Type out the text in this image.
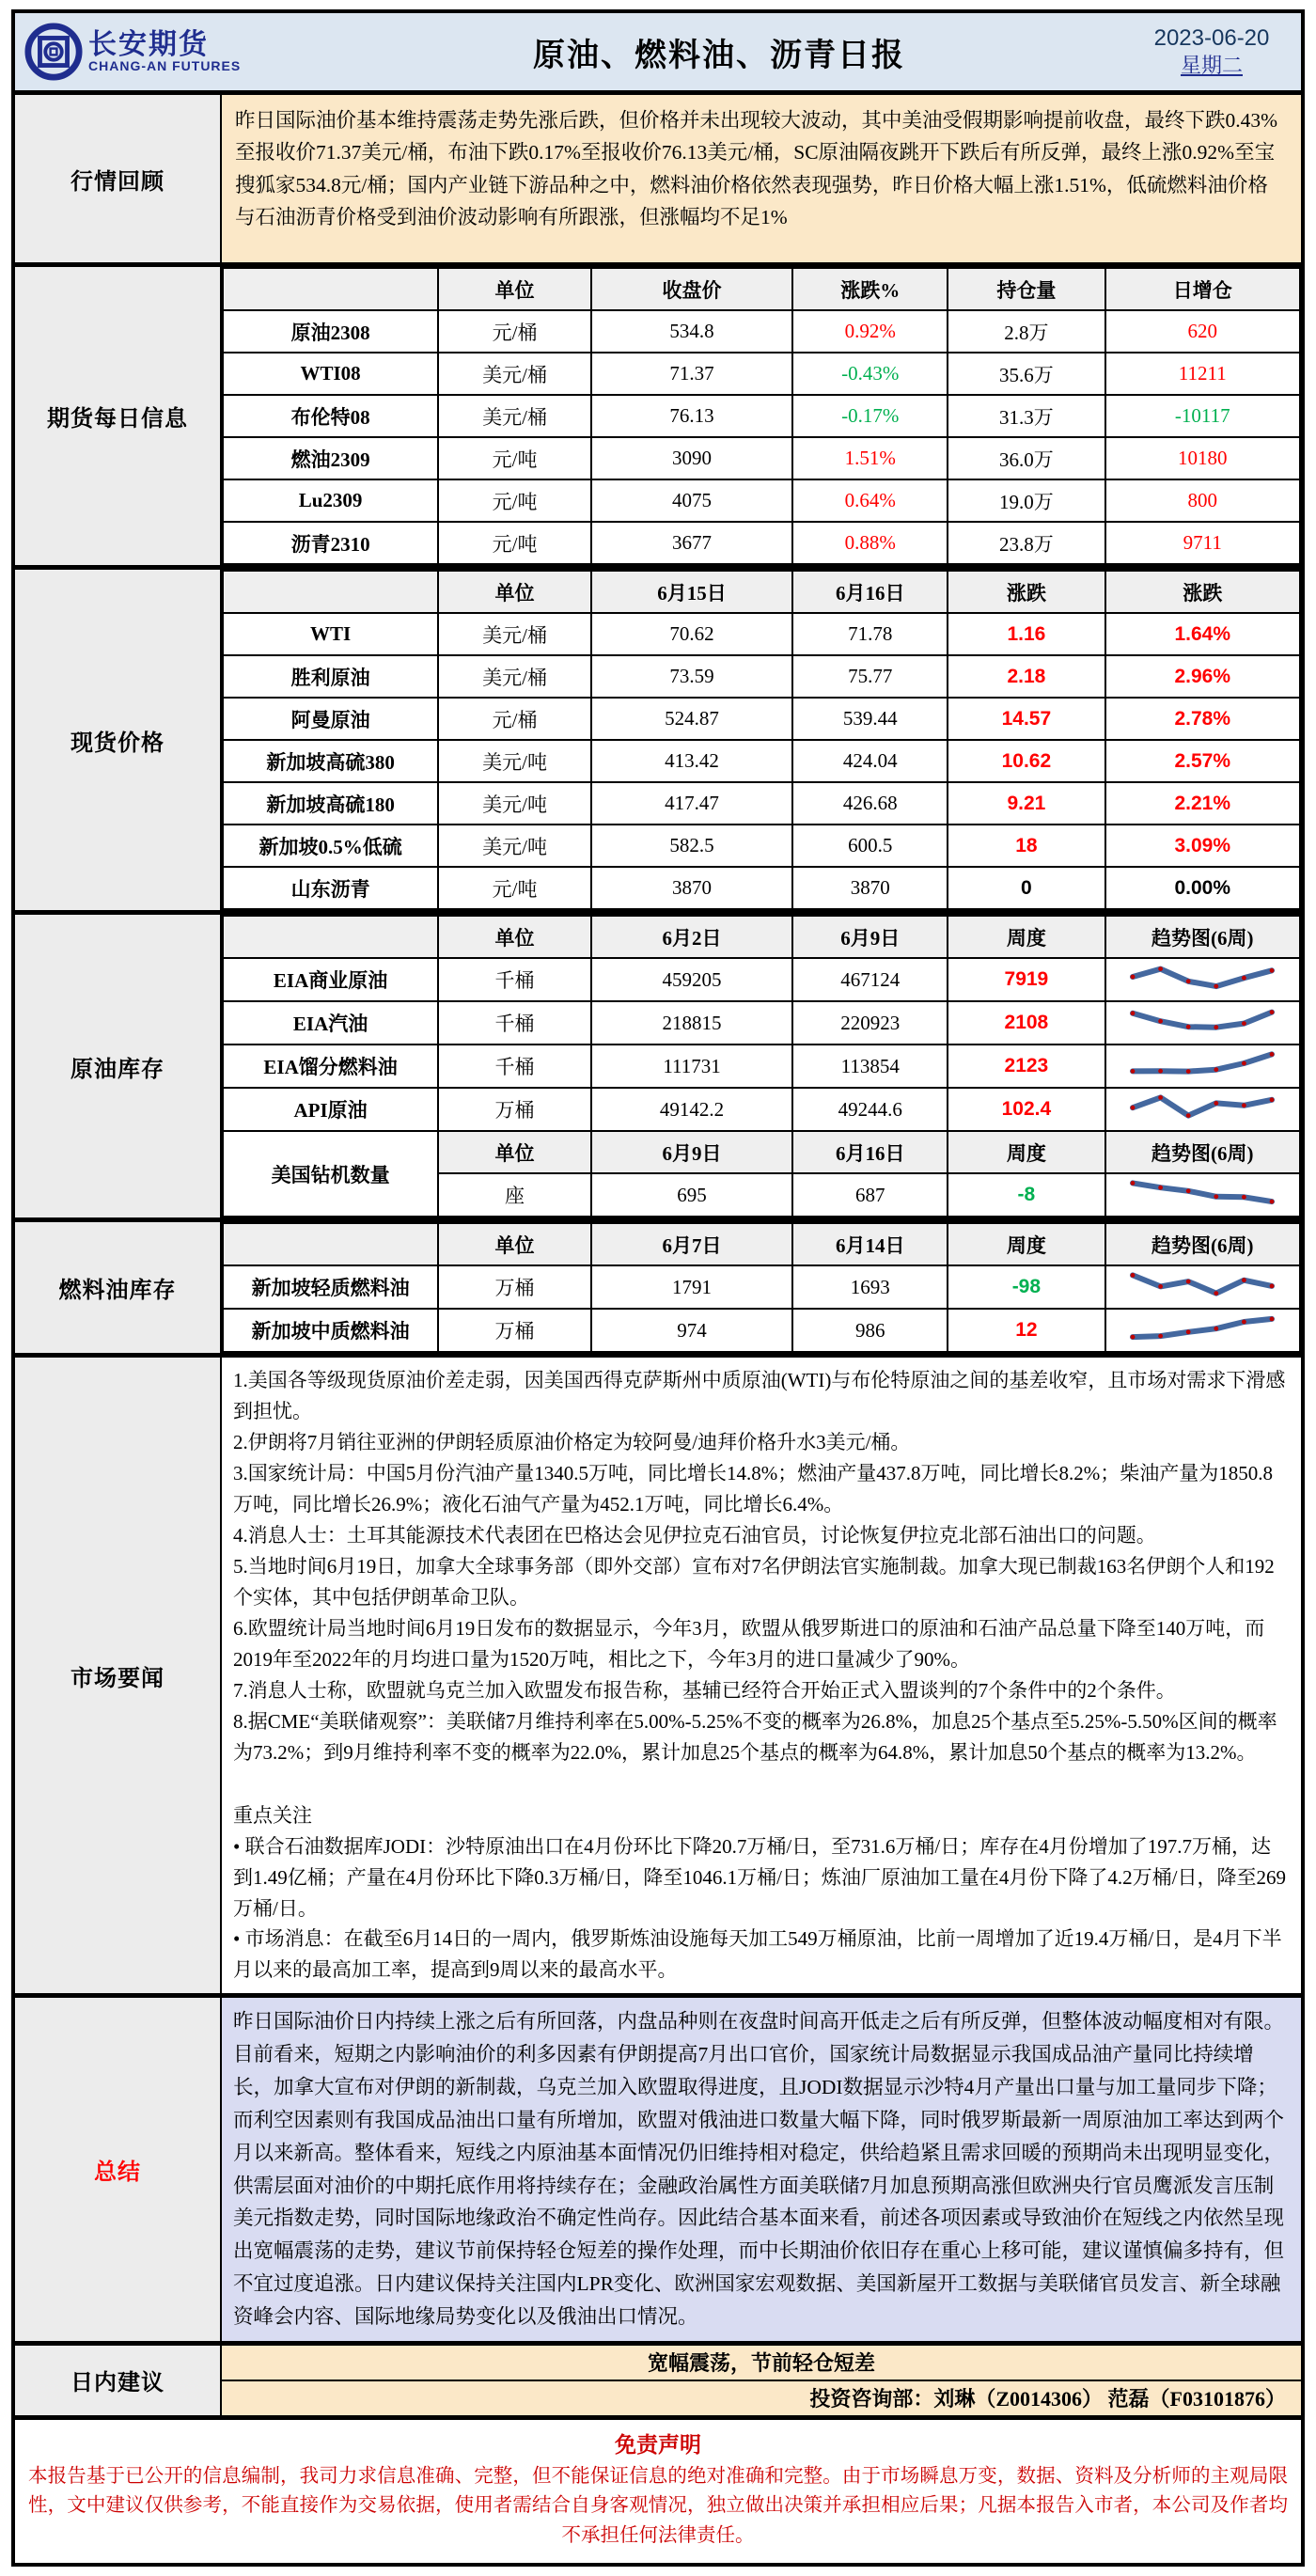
长安期货
CHANG-AN FUTURES	原油、燃料油、沥青日报	2023-06-20
星期二
行情回顾
昨日国际油价基本维持震荡走势先涨后跌，但价格并未出现较大波动，其中美油受假期影响提前收盘，最终下跌0.43%至报收价71.37美元/桶，布油下跌0.17%至报收价76.13美元/桶，SC原油隔夜跳开下跌后有所反弹，最终上涨0.92%至宝搜狐家534.8元/桶；国内产业链下游品种之中，燃料油价格依然表现强势，昨日价格大幅上涨1.51%，低硫燃料油价格与石油沥青价格受到油价波动影响有所跟涨，但涨幅均不足1%
期货每日信息
	单位	收盘价	涨跌%	持仓量	日增仓
原油2308	元/桶	534.8	0.92%	2.8万	620
WTI08	美元/桶	71.37	-0.43%	35.6万	11211
布伦特08	美元/桶	76.13	-0.17%	31.3万	-10117
燃油2309	元/吨	3090	1.51%	36.0万	10180
Lu2309	元/吨	4075	0.64%	19.0万	800
沥青2310	元/吨	3677	0.88%	23.8万	9711
现货价格
	单位	6月15日	6月16日	涨跌	涨跌
WTI	美元/桶	70.62	71.78	1.16	1.64%
胜利原油	美元/桶	73.59	75.77	2.18	2.96%
阿曼原油	元/桶	524.87	539.44	14.57	2.78%
新加坡高硫380	美元/吨	413.42	424.04	10.62	2.57%
新加坡高硫180	美元/吨	417.47	426.68	9.21	2.21%
新加坡0.5%低硫	美元/吨	582.5	600.5	18	3.09%
山东沥青	元/吨	3870	3870	0	0.00%
原油库存
	单位	6月2日	6月9日	周度	趋势图(6周)
EIA商业原油	千桶	459205	467124	7919	
EIA汽油	千桶	218815	220923	2108	
EIA馏分燃料油	千桶	111731	113854	2123	
API原油	万桶	49142.2	49244.6	102.4	
美国钻机数量	单位	6月9日	6月16日	周度	趋势图(6周)
	座	695	687	-8	
燃料油库存
	单位	6月7日	6月14日	周度	趋势图(6周)
新加坡轻质燃料油	万桶	1791	1693	-98	
新加坡中质燃料油	万桶	974	986	12	
市场要闻
1.美国各等级现货原油价差走弱，因美国西得克萨斯州中质原油(WTI)与布伦特原油之间的基差收窄，且市场对需求下滑感到担忧。
2.伊朗将7月销往亚洲的伊朗轻质原油价格定为较阿曼/迪拜价格升水3美元/桶。
3.国家统计局：中国5月份汽油产量1340.5万吨，同比增长14.8%；燃油产量437.8万吨，同比增长8.2%；柴油产量为1850.8万吨，同比增长26.9%；液化石油气产量为452.1万吨，同比增长6.4%。
4.消息人士：土耳其能源技术代表团在巴格达会见伊拉克石油官员，讨论恢复伊拉克北部石油出口的问题。
5.当地时间6月19日，加拿大全球事务部（即外交部）宣布对7名伊朗法官实施制裁。加拿大现已制裁163名伊朗个人和192个实体，其中包括伊朗革命卫队。
6.欧盟统计局当地时间6月19日发布的数据显示，今年3月，欧盟从俄罗斯进口的原油和石油产品总量下降至140万吨，而2019年至2022年的月均进口量为1520万吨，相比之下，今年3月的进口量减少了90%。
7.消息人士称，欧盟就乌克兰加入欧盟发布报告称，基辅已经符合开始正式入盟谈判的7个条件中的2个条件。
8.据CME“美联储观察”：美联储7月维持利率在5.00%-5.25%不变的概率为26.8%，加息25个基点至5.25%-5.50%区间的概率为73.2%；到9月维持利率不变的概率为22.0%，累计加息25个基点的概率为64.8%，累计加息50个基点的概率为13.2%。
重点关注
• 联合石油数据库JODI：沙特原油出口在4月份环比下降20.7万桶/日，至731.6万桶/日；库存在4月份增加了197.7万桶，达到1.49亿桶；产量在4月份环比下降0.3万桶/日，降至1046.1万桶/日；炼油厂原油加工量在4月份下降了4.2万桶/日，降至269万桶/日。
• 市场消息：在截至6月14日的一周内，俄罗斯炼油设施每天加工549万桶原油，比前一周增加了近19.4万桶/日，是4月下半月以来的最高加工率，提高到9周以来的最高水平。
总结
昨日国际油价日内持续上涨之后有所回落，内盘品种则在夜盘时间高开低走之后有所反弹，但整体波动幅度相对有限。目前看来，短期之内影响油价的利多因素有伊朗提高7月出口官价，国家统计局数据显示我国成品油产量同比持续增长，加拿大宣布对伊朗的新制裁，乌克兰加入欧盟取得进度，且JODI数据显示沙特4月产量出口量与加工量同步下降；而利空因素则有我国成品油出口量有所增加，欧盟对俄油进口数量大幅下降，同时俄罗斯最新一周原油加工率达到两个月以来新高。整体看来，短线之内原油基本面情况仍旧维持相对稳定，供给趋紧且需求回暖的预期尚未出现明显变化，供需层面对油价的中期托底作用将持续存在；金融政治属性方面美联储7月加息预期高涨但欧洲央行官员鹰派发言压制美元指数走势，同时国际地缘政治不确定性尚存。因此结合基本面来看，前述各项因素或导致油价在短线之内依然呈现出宽幅震荡的走势，建议节前保持轻仓短差的操作处理，而中长期油价依旧存在重心上移可能，建议谨慎偏多持有，但不宜过度追涨。日内建议保持关注国内LPR变化、欧洲国家宏观数据、美国新屋开工数据与美联储官员发言、新全球融资峰会内容、国际地缘局势变化以及俄油出口情况。
日内建议
宽幅震荡，节前轻仓短差
投资咨询部：刘琳（Z0014306） 范磊（F03101876）
免责声明
本报告基于已公开的信息编制，我司力求信息准确、完整，但不能保证信息的绝对准确和完整。由于市场瞬息万变，数据、资料及分析师的主观局限性，文中建议仅供参考，不能直接作为交易依据，使用者需结合自身客观情况，独立做出决策并承担相应后果；凡据本报告入市者，本公司及作者均不承担任何法律责任。
